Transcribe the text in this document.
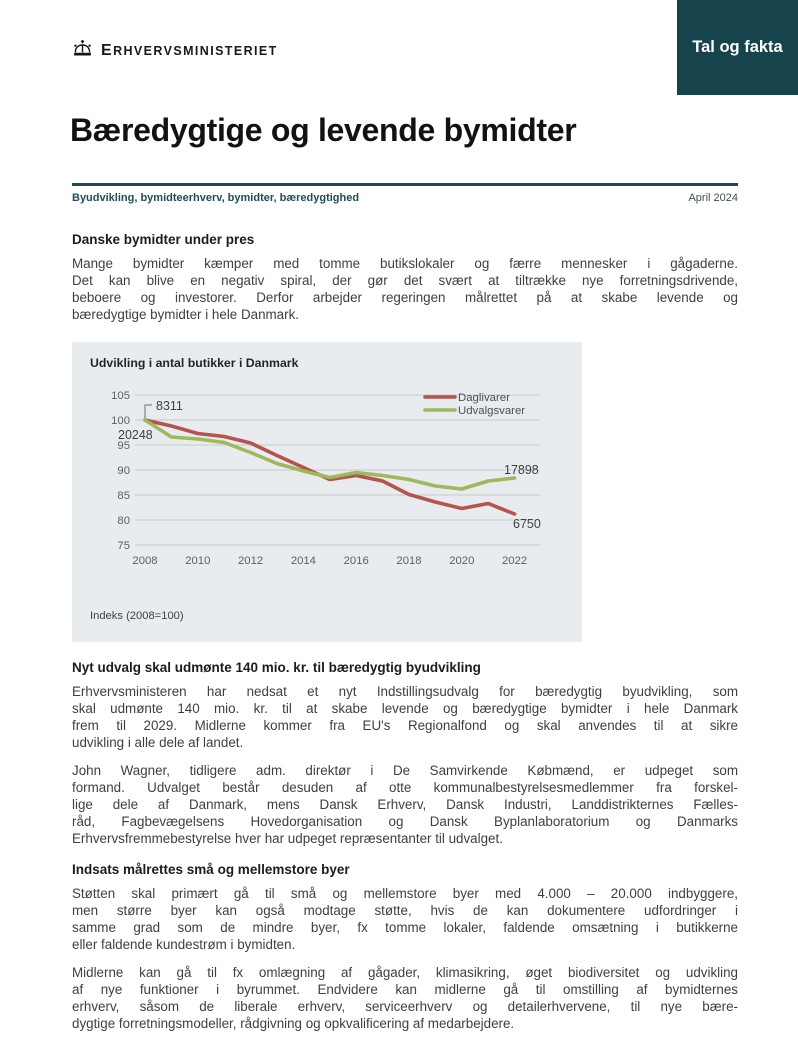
ERHVERVSMINISTERIET	Tal og fakta
Bæredygtige og levende bymidter
Byudvikling, bymidteerhverv, bymidter, bæredygtighed	April 2024
Danske bymidter under pres
Mange bymidter kæmper med tomme butikslokaler og færre mennesker i gågaderne.
Det kan blive en negativ spiral, der gør det svært at tiltrække nye forretningsdrivende,
beboere og investorer. Derfor arbejder regeringen målrettet på at skabe levende og
bæredygtige bymidter i hele Danmark.
Udvikling i antal butikker i Danmark
Indeks (2008=100)
75
80
85
90
95
100
105
2008 2010 2012 2014 2016 2018 2020 2022
Daglivarer
Udvalgsvarer
8311
20248
17898
6750
Nyt udvalg skal udmønte 140 mio. kr. til bæredygtig byudvikling
Erhvervsministeren har nedsat et nyt Indstillingsudvalg for bæredygtig byudvikling, som
skal udmønte 140 mio. kr. til at skabe levende og bæredygtige bymidter i hele Danmark
frem til 2029. Midlerne kommer fra EU's Regionalfond og skal anvendes til at sikre
udvikling i alle dele af landet.
John Wagner, tidligere adm. direktør i De Samvirkende Købmænd, er udpeget som
formand. Udvalget består desuden af otte kommunalbestyrelsesmedlemmer fra forskel-
lige dele af Danmark, mens Dansk Erhverv, Dansk Industri, Landdistrikternes Fælles-
råd, Fagbevægelsens Hovedorganisation og Dansk Byplanlaboratorium og Danmarks
Erhvervsfremmebestyrelse hver har udpeget repræsentanter til udvalget.
Indsats målrettes små og mellemstore byer
Støtten skal primært gå til små og mellemstore byer med 4.000 – 20.000 indbyggere,
men større byer kan også modtage støtte, hvis de kan dokumentere udfordringer i
samme grad som de mindre byer, fx tomme lokaler, faldende omsætning i butikkerne
eller faldende kundestrøm i bymidten.
Midlerne kan gå til fx omlægning af gågader, klimasikring, øget biodiversitet og udvikling
af nye funktioner i byrummet. Endvidere kan midlerne gå til omstilling af bymidternes
erhverv, såsom de liberale erhverv, serviceerhverv og detailerhvervene, til nye bære-
dygtige forretningsmodeller, rådgivning og opkvalificering af medarbejdere.
